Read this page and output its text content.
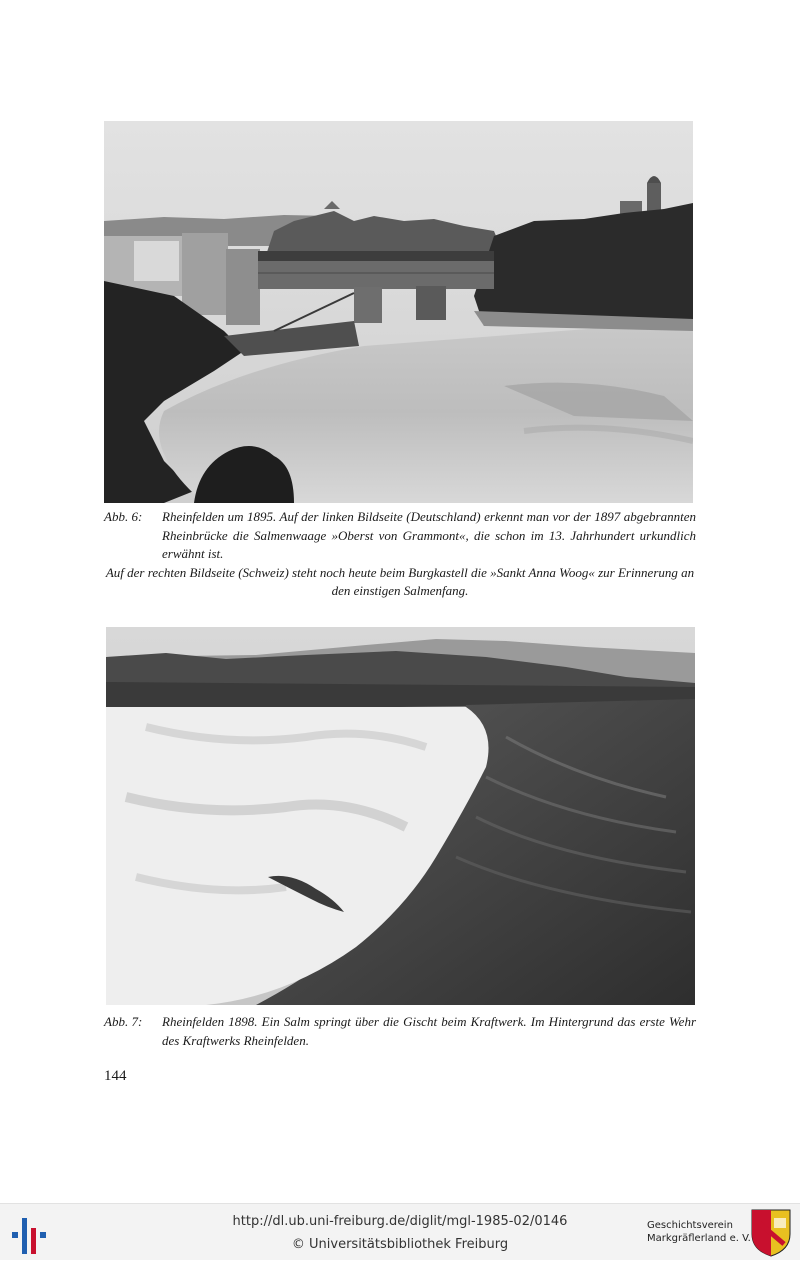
Abb. 6:	Rheinfelden um 1895. Auf der linken Bildseite (Deutschland) erkennt man vor der 1897 abgebrannten Rheinbrücke die Salmenwaage »Oberst von Grammont«, die schon im 13. Jahrhundert urkundlich erwähnt ist.
Auf der rechten Bildseite (Schweiz) steht noch heute beim Burgkastell die »Sankt Anna Woog« zur Erinnerung an den einstigen Salmenfang.
Abb. 7:	Rheinfelden 1898. Ein Salm springt über die Gischt beim Kraftwerk. Im Hintergrund das erste Wehr des Kraftwerks Rheinfelden.
144
http://dl.ub.uni-freiburg.de/diglit/mgl-1985-02/0146
© Universitätsbibliothek Freiburg
Geschichtsverein
Markgräflerland e. V.
